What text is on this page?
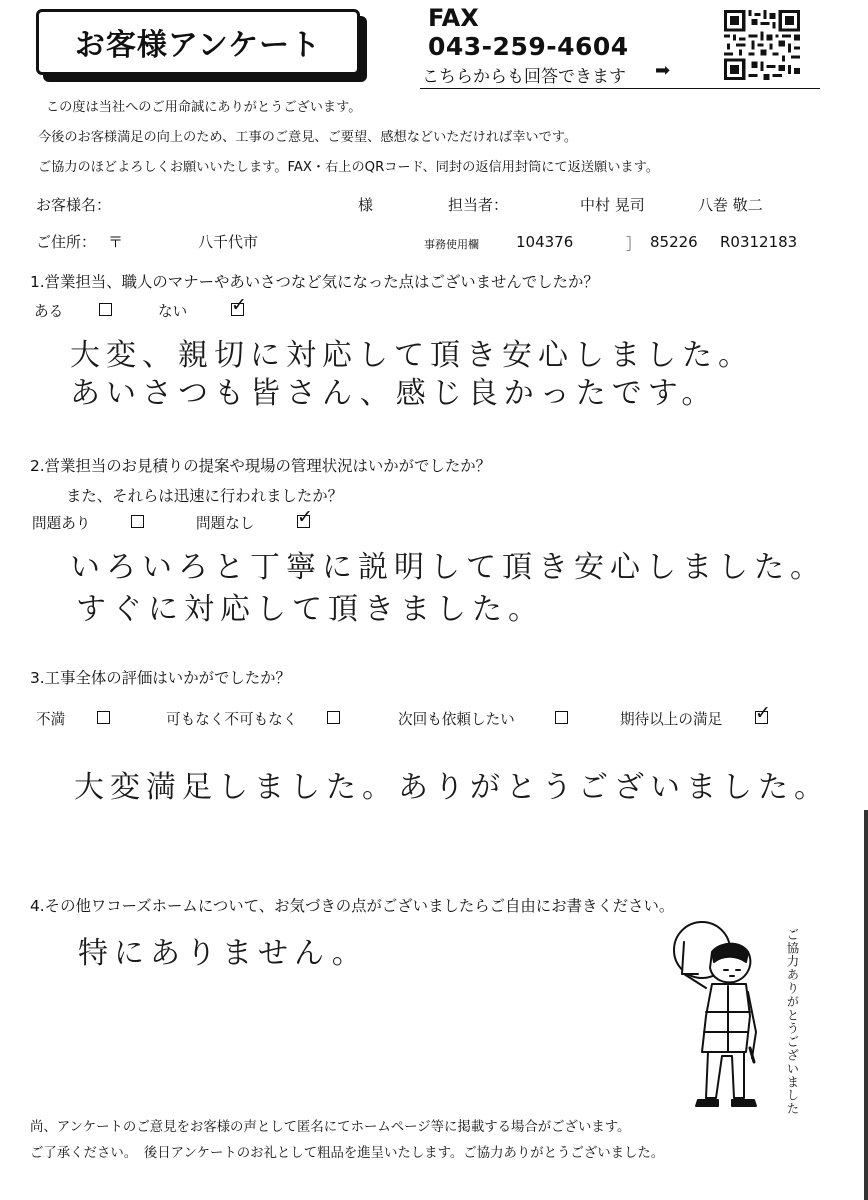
お客様アンケート
FAX
043-259-4604
こちらからも回答できます ➡
この度は当社へのご用命誠にありがとうございます。
今後のお客様満足の向上のため、工事のご意見、ご要望、感想などいただければ幸いです。
ご協力のほどよろしくお願いいたします。FAX・右上のQRコード、同封の返信用封筒にて返送願います。
お客様名：	様	担当者：	中村 晃司	八巻 敬二
ご住所： 〒	八千代市	事務使用欄 104376	］ 85226 R0312183
1.営業担当、職人のマナーやあいさつなど気になった点はございませんでしたか？
ある	ない ✓
大変、親切に対応して頂き安心しました。
あいさつも皆さん、感じ良かったです。
2.営業担当のお見積りの提案や現場の管理状況はいかがでしたか？
また、それらは迅速に行われましたか？
問題あり	問題なし ✓
いろいろと丁寧に説明して頂き安心しました。
すぐに対応して頂きました。
3.工事全体の評価はいかがでしたか？
不満	可もなく不可もなく	次回も依頼したい	期待以上の満足 ✓
大変満足しました。ありがとうございました。
4.その他ワコーズホームについて、お気づきの点がございましたらご自由にお書きください。
特にありません。	ご協力ありがとうございました
尚、アンケートのご意見をお客様の声として匿名にてホームページ等に掲載する場合がございます。
ご了承ください。　後日アンケートのお礼として粗品を進呈いたします。ご協力ありがとうございました。
